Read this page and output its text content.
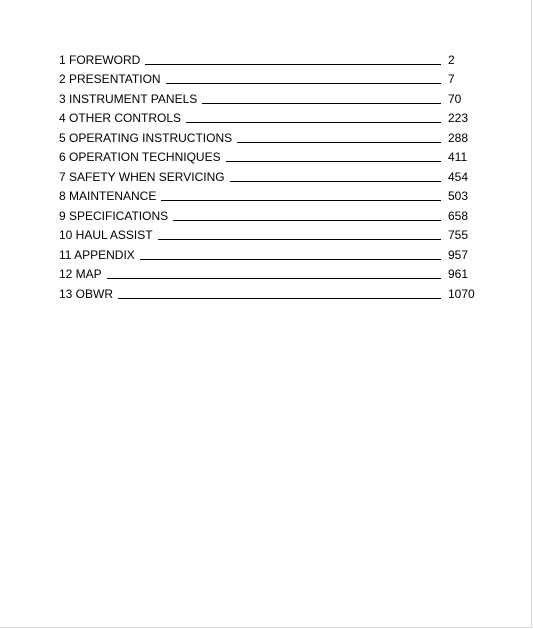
1 FOREWORD	2
2 PRESENTATION	7
3 INSTRUMENT PANELS	70
4 OTHER CONTROLS	223
5 OPERATING INSTRUCTIONS	288
6 OPERATION TECHNIQUES	411
7 SAFETY WHEN SERVICING	454
8 MAINTENANCE	503
9 SPECIFICATIONS	658
10 HAUL ASSIST	755
11 APPENDIX	957
12 MAP	961
13 OBWR	1070
